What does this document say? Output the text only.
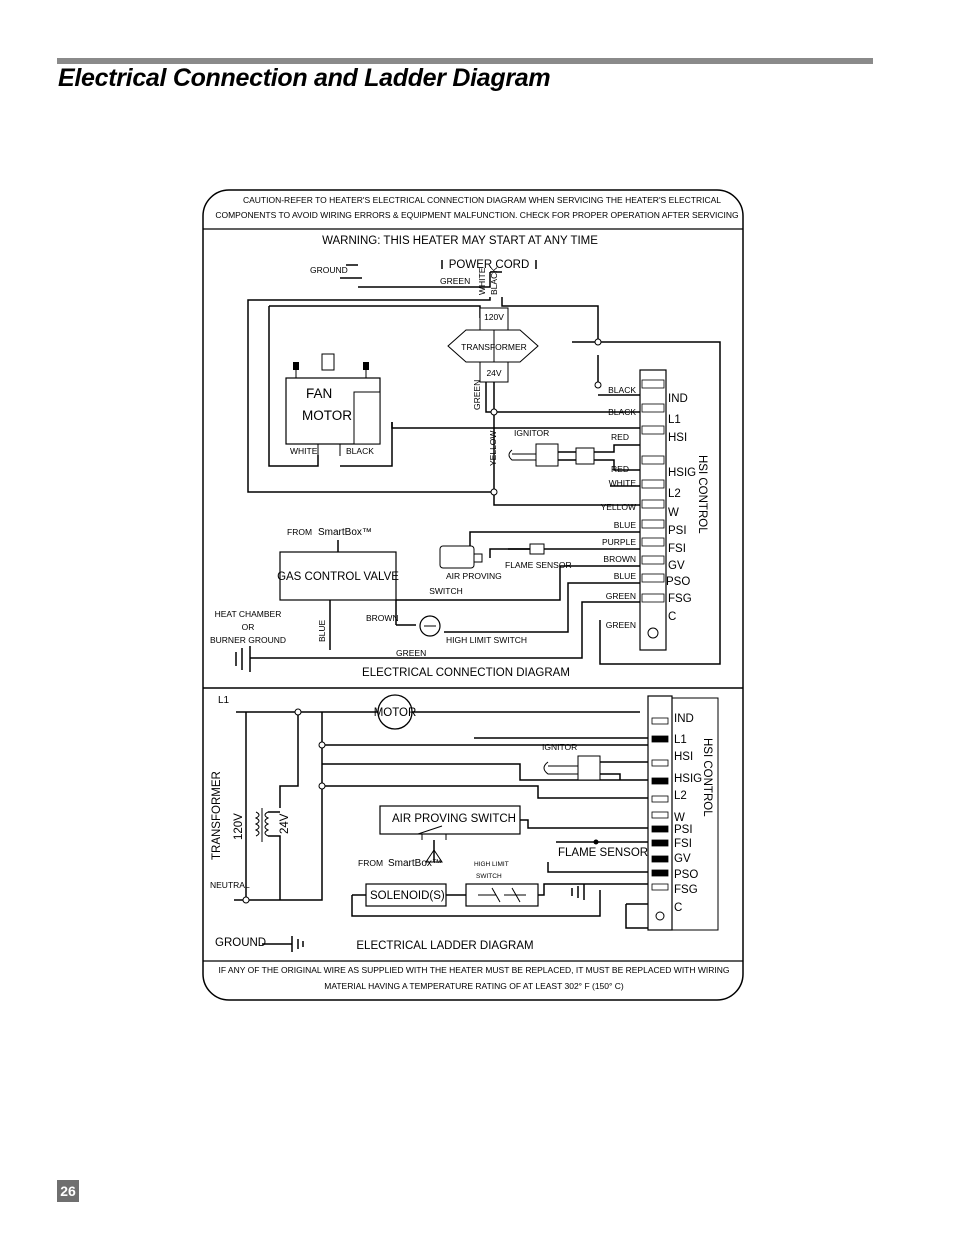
Electrical Connection and Ladder Diagram
CAUTION-REFER TO HEATER'S ELECTRICAL CONNECTION DIAGRAM WHEN SERVICING THE HEATER'S ELECTRICAL
COMPONENTS TO AVOID WIRING ERRORS & EQUIPMENT MALFUNCTION. CHECK FOR PROPER OPERATION AFTER SERVICING
WARNING: THIS HEATER MAY START AT ANY TIME
POWER CORD
GROUND
GREEN WHITE BLACK
120V
TRANSFORMER
24V
GREEN
YELLOW
FAN
MOTOR
WHITE	BLACK
IGNITOR
IND
L1
HSI
HSIG
L2
W
PSI
FSI
GV
PSO
FSG
C
HSI CONTROL
BLACK
BLACK
RED
RED
WHITE
YELLOW
BLUE
PURPLE
BROWN
BLUE
GREEN
GREEN
FROM SmartBox™
GAS CONTROL VALVE	AIR PROVING
SWITCH
FLAME SENSOR
HIGH LIMIT SWITCH
BROWN
GREEN
BLUE
HEAT CHAMBER
OR
BURNER GROUND
ELECTRICAL CONNECTION DIAGRAM
L1
MOTOR
IGNITOR
TRANSFORMER 120V	24V
NEUTRAL
AIR PROVING SWITCH
FLAME SENSOR
FROM SmartBox™	HIGH LIMIT
SWITCH
SOLENOID(S)
IND
L1
HSI
HSIG
L2
W
PSI
FSI
GV
PSO
FSG
C
HSI CONTROL
GROUND	ELECTRICAL LADDER DIAGRAM
IF ANY OF THE ORIGINAL WIRE AS SUPPLIED WITH THE HEATER MUST BE REPLACED, IT MUST BE REPLACED WITH WIRING
MATERIAL HAVING A TEMPERATURE RATING OF AT LEAST 302° F (150° C)
26
